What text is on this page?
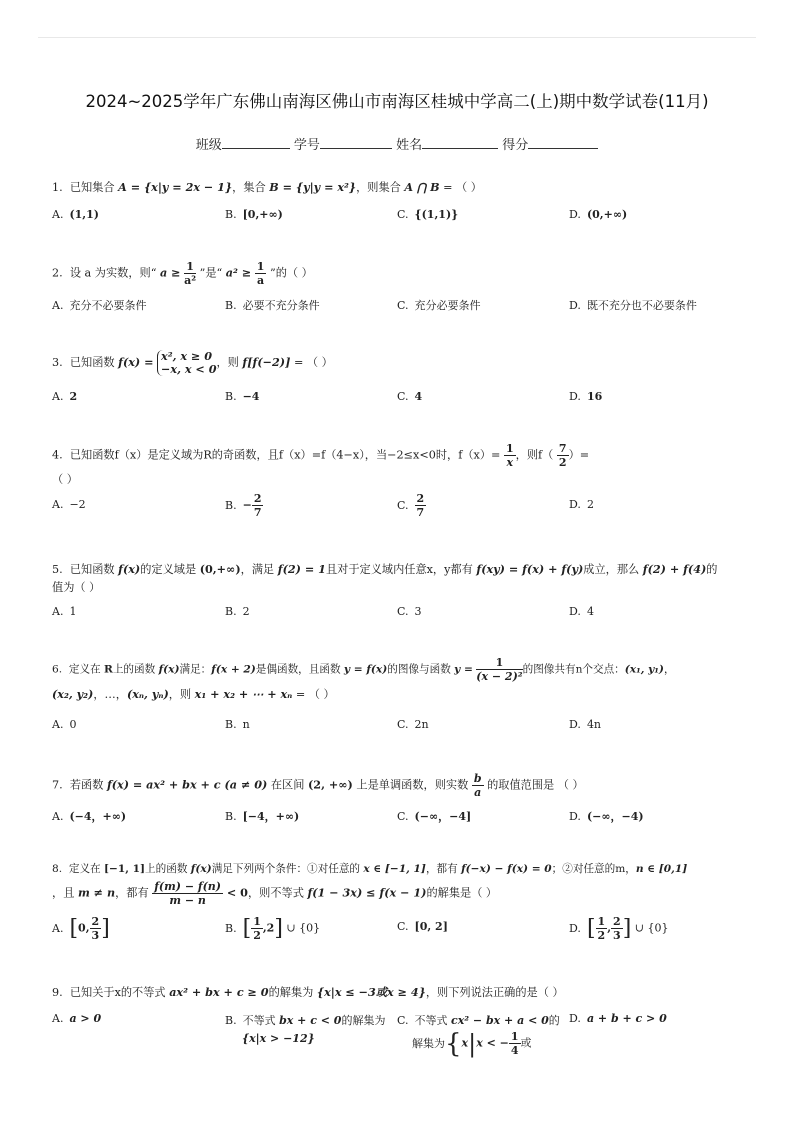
2024~2025学年广东佛山南海区佛山市南海区桂城中学高二(上)期中数学试卷(11月)
班级	学号	姓名	得分
1. 已知集合 A = {x|y = 2x − 1}，集合 B = {y|y = x²}，则集合 A ⋂ B = （ ）
A. (1,1)	B. [0,+∞)	C. {(1,1)}	D. (0,+∞)
2. 设 a 为实数，则“ $a \ge \frac{1}{\text{a²}}$ ”是“ $a^2 \ge \frac{1}{a}$ ”的（ ）
A. 充分不必要条件	B. 必要不充分条件	C. 充分必要条件	D. 既不充分也不必要条件
3. 已知函数 f(x) = x², x ≥ 0
−x, x < 0 ，则 f[f(−2)] = （ ）
A. 2	B. −4	C. 4	D. 16
4. 已知函数f（x）是定义域为R的奇函数，且f（x）=f（4−x），当−2≤x<0时，$f(x)= \frac{1}{x}$ ，则$f( \frac{7}{2}$ ）=
（ ）
A. −2	B. − $\frac{2}{7}$	C. $\frac{2}{7}$	D. 2
5. 已知函数 f(x)的定义域是 (0,+∞)，满足 f(2) = 1且对于定义域内任意x，y都有 f(xy) = f(x) + f(y)成立，那么 f(2) + f(4)的
值为（ ）
A. 1	B. 2	C. 3	D. 4
6. 定义在 R上的函数 f(x)满足：f(x + 2)是偶函数，且函数 y = f(x)的图像与函数 $y = \frac{1}{\text{(x − 2)²}}$ 的图像共有n个交点：(x₁, y₁)，
(x₂, y₂)，…，(xₙ, yₙ)，则 x₁ + x₂ + ⋯ + xₙ = （ ）
A. 0	B. n	C. 2n	D. 4n
7. 若函数 f(x) = ax² + bx + c (a ≠ 0) 在区间 (2, +∞) 上是单调函数，则实数 $\frac{b}{a}$ 的取值范围是 （ ）
A. (−4，+∞)	B. [−4，+∞)	C. (−∞，−4]	D. (−∞，−4)
8. 定义在 [−1, 1]上的函数 f(x)满足下列两个条件：①对任意的 x ∈ [−1, 1]，都有 f(−x) − f(x) = 0；②对任意的m，n ∈ [0,1]
，且 m ≠ n，都有 $\frac{f(m) - f(n)}{m - n} < 0$，则不等式 f(1 − 3x) ≤ f(x − 1)的解集是（ ）
A. [0, $\frac{2}{3}$ ]	B. [ $\frac{1}{2} ,2$] ∪ {0}	C. [0, 2]	D. [ $\frac{1}{2}$ , $\frac{2}{3}$ ] ∪ {0}
9. 已知关于x的不等式 ax² + bx + c ≥ 0的解集为 {x|x ≤ −3或x ≥ 4}，则下列说法正确的是（ ）
A. a > 0	B. 不等式 bx + c < 0的解集为
{x|x > −12}
C. 不等式 cx² − bx + a < 0的
解集为{x|x < − $\frac{1}{4}$ 或
D. a + b + c > 0
